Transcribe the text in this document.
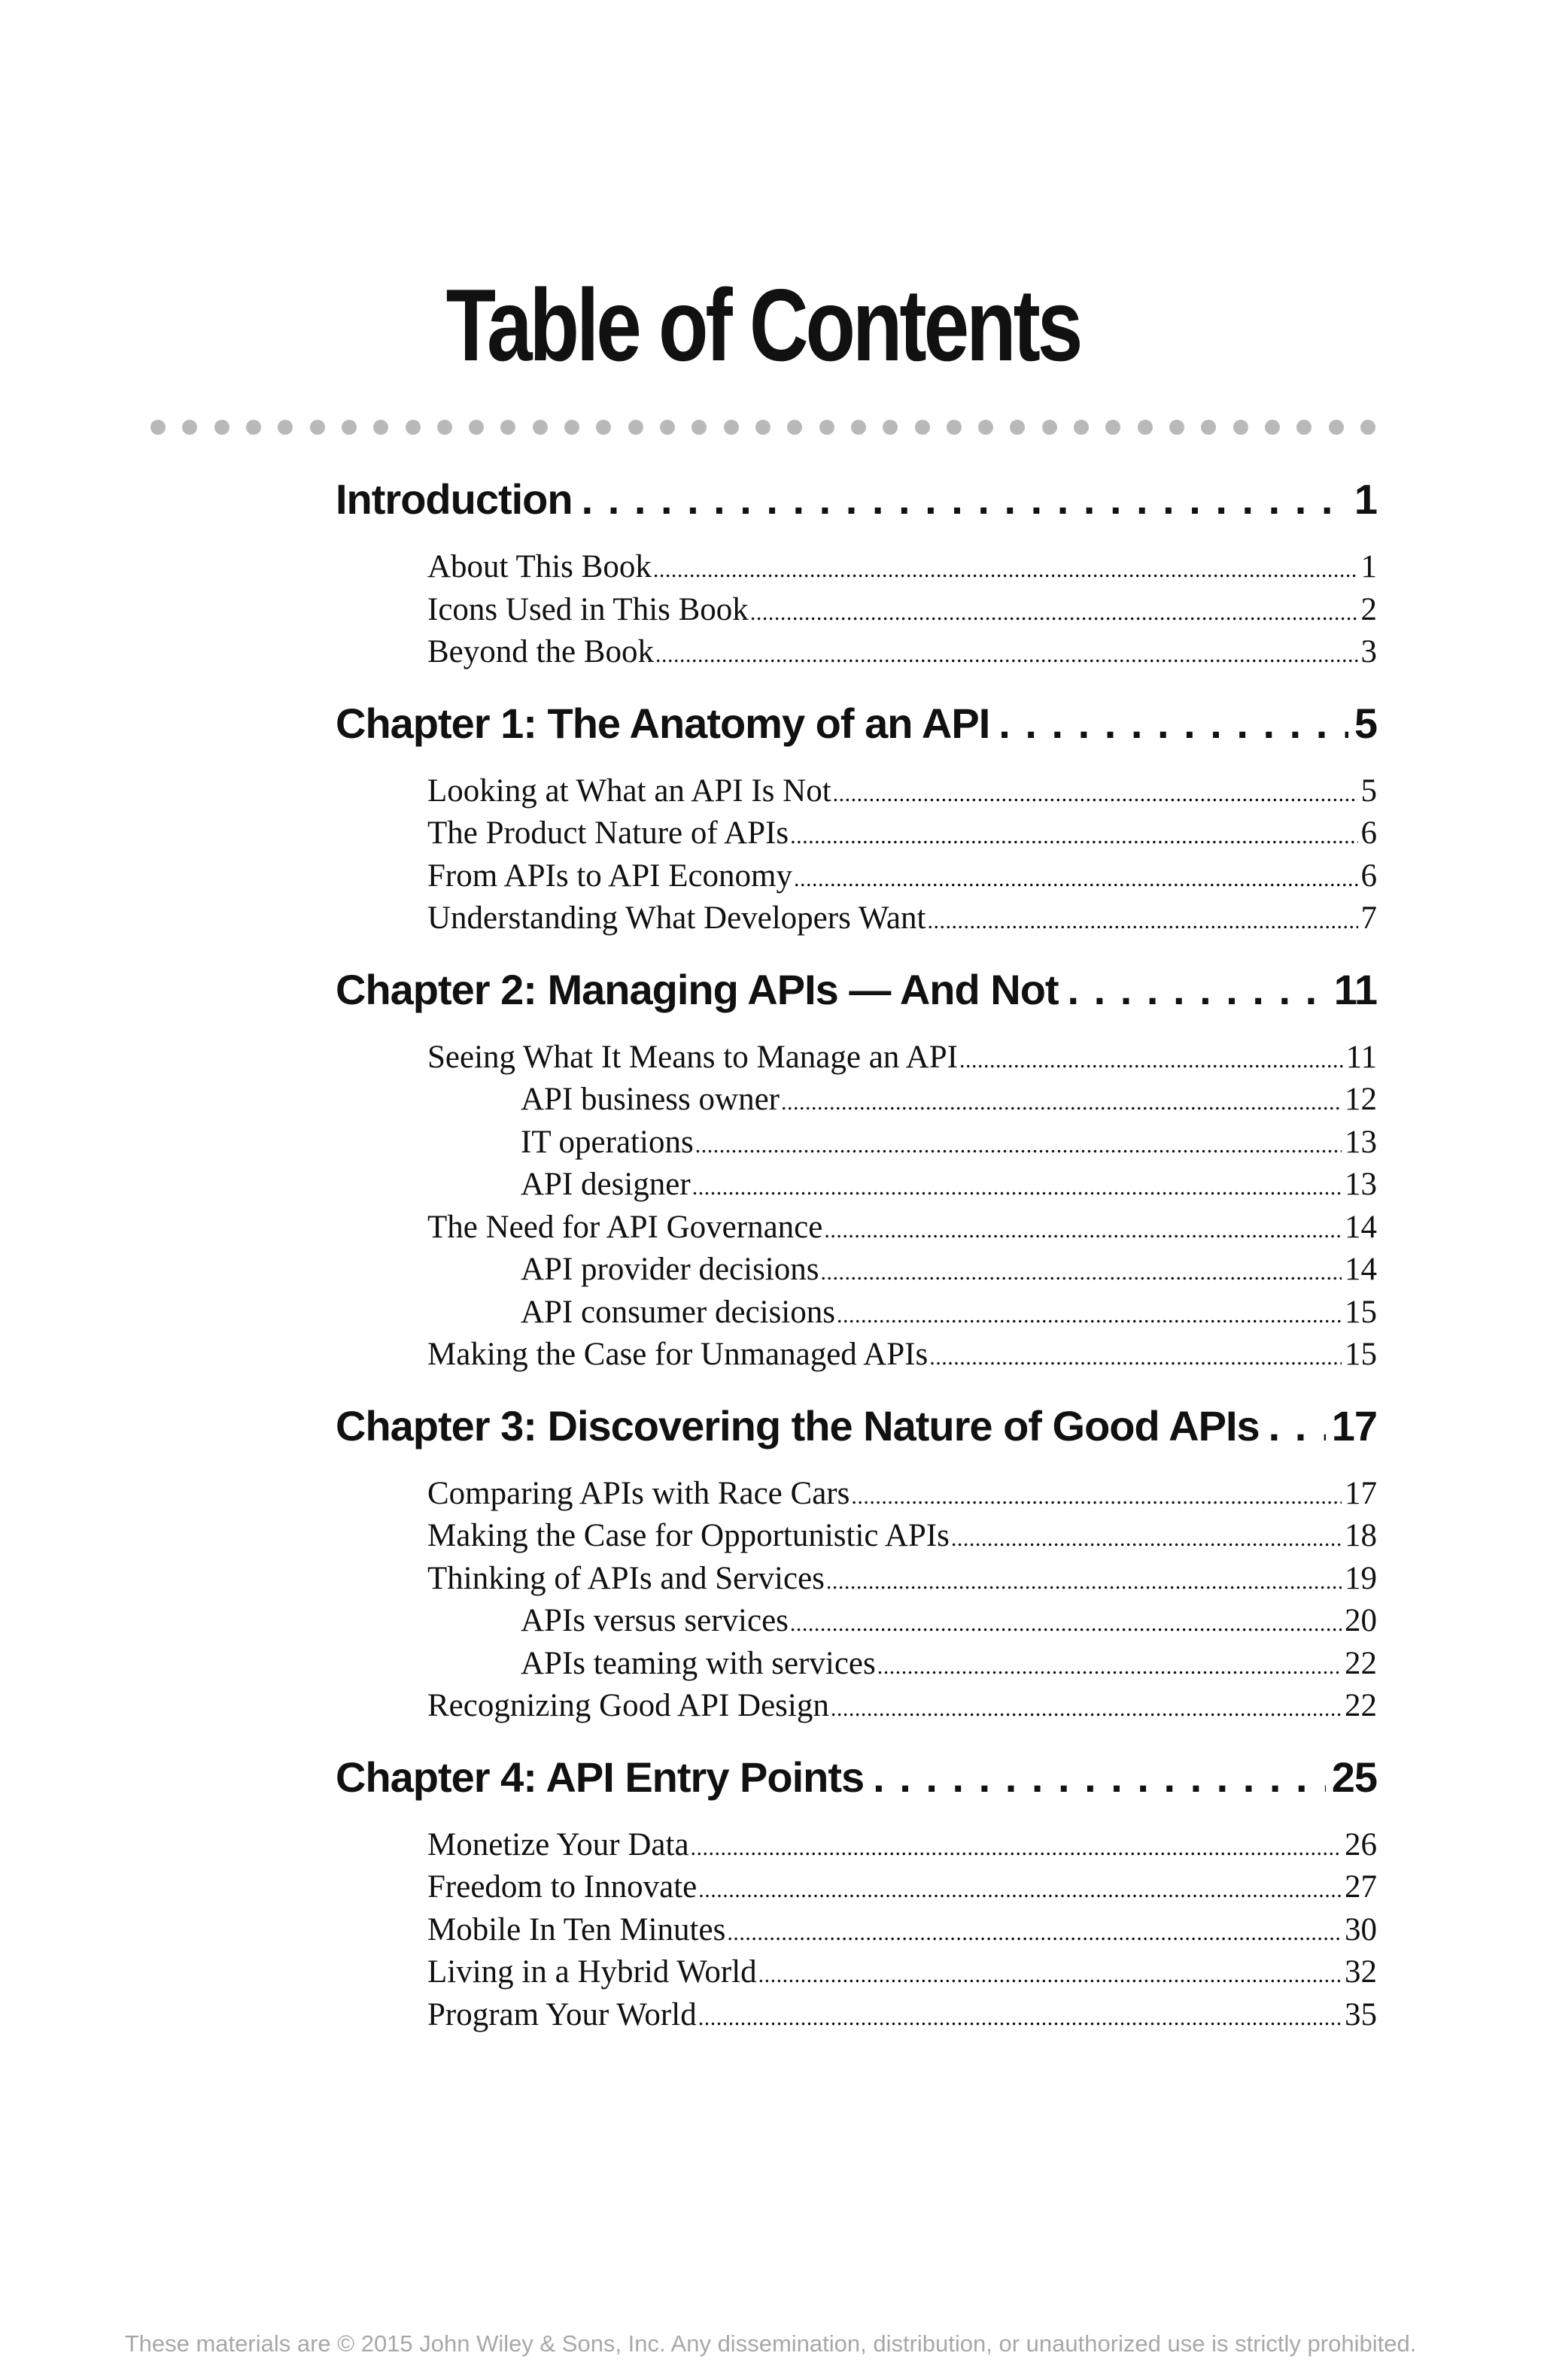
Table of Contents
Introduction . . .	1
About This Book .....	1
Icons Used in This Book .....	2
Beyond the Book .....	3
Chapter 1: The Anatomy of an API . . .	5
Looking at What an API Is Not .....	5
The Product Nature of APIs .....	6
From APIs to API Economy .....	6
Understanding What Developers Want .....	7
Chapter 2: Managing APIs — And Not . . .	11
Seeing What It Means to Manage an API .....	11
API business owner .....	12
IT operations .....	13
API designer .....	13
The Need for API Governance .....	14
API provider decisions .....	14
API consumer decisions .....	15
Making the Case for Unmanaged APIs .....	15
Chapter 3: Discovering the Nature of Good APIs . . . 17
Comparing APIs with Race Cars .....	17
Making the Case for Opportunistic APIs .....	18
Thinking of APIs and Services .....	19
APIs versus services .....	20
APIs teaming with services .....	22
Recognizing Good API Design .....	22
Chapter 4: API Entry Points . . .	25
Monetize Your Data .....	26
Freedom to Innovate .....	27
Mobile In Ten Minutes .....	30
Living in a Hybrid World .....	32
Program Your World .....	35
These materials are © 2015 John Wiley & Sons, Inc. Any dissemination, distribution, or unauthorized use is strictly prohibited.
